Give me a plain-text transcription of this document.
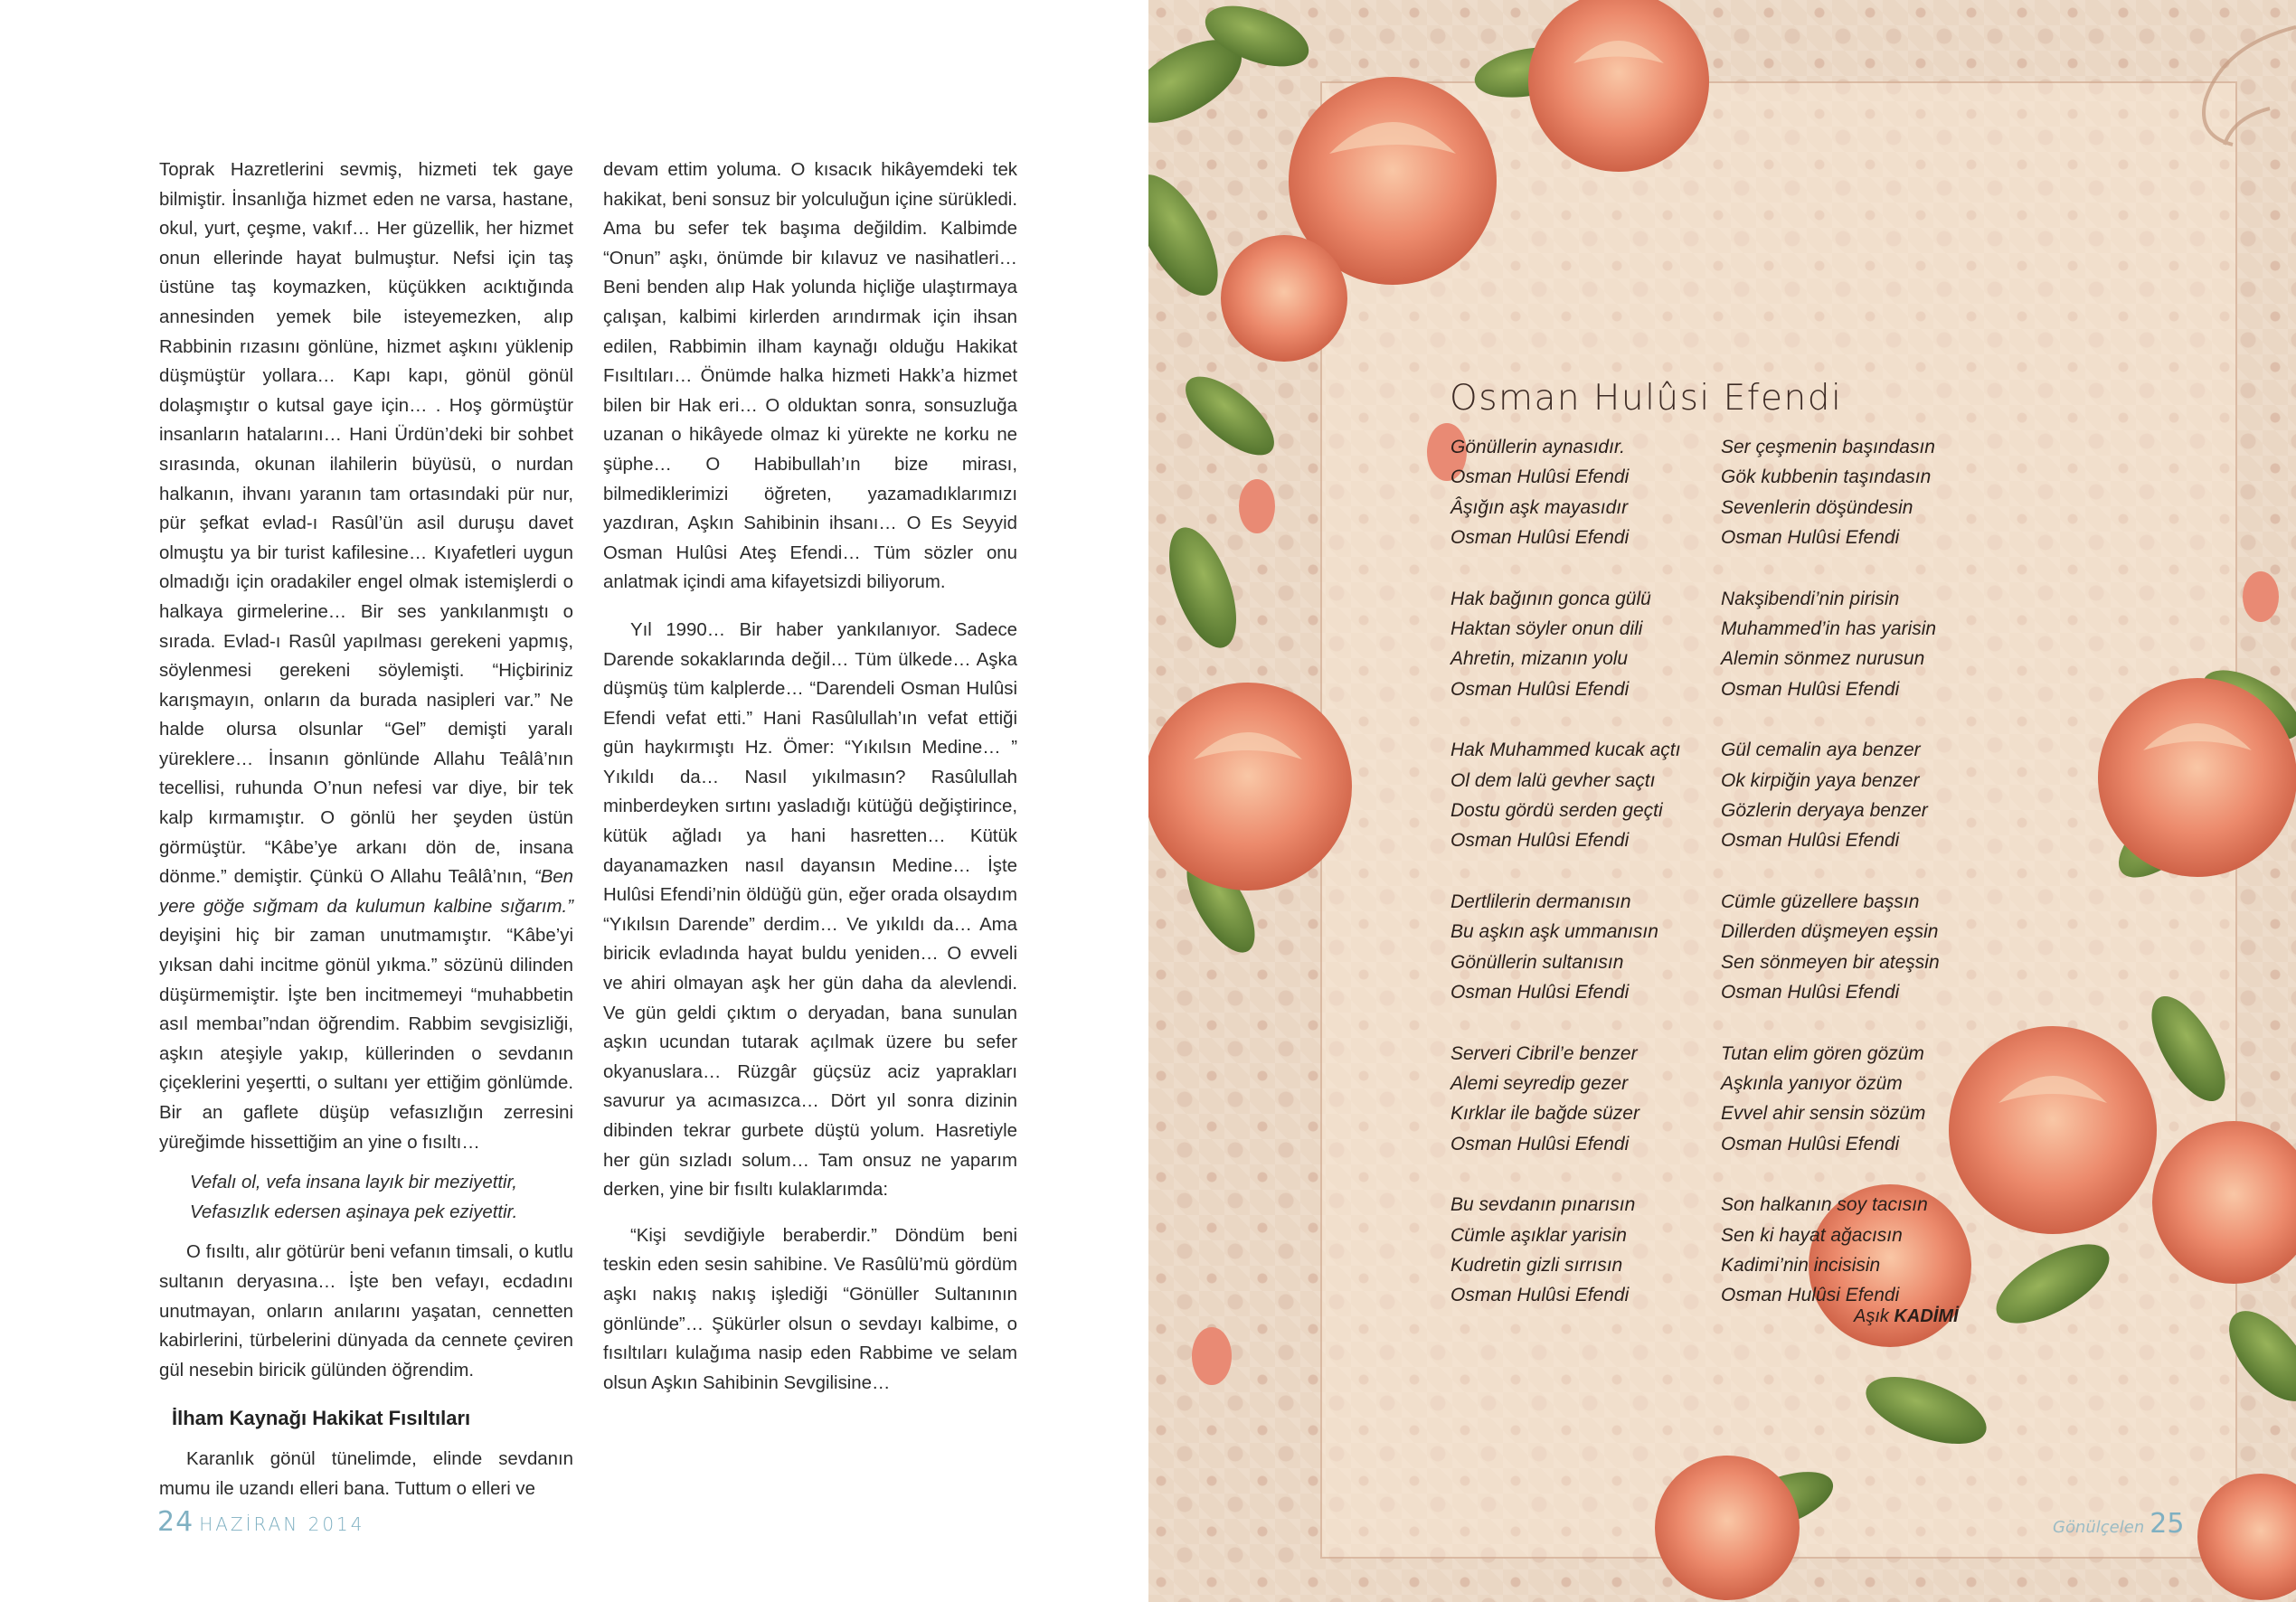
Toprak Hazretlerini sevmiş, hizmeti tek gaye bilmiştir. İnsanlığa hizmet eden ne varsa, hastane, okul, yurt, çeşme, vakıf… Her güzellik, her hizmet onun ellerinde hayat bulmuştur. Nefsi için taş üstüne taş koymazken, küçükken acıktığında annesinden yemek bile isteyemezken, alıp Rabbinin rızasını gönlüne, hizmet aşkını yüklenip düşmüştür yollara… Kapı kapı, gönül gönül dolaşmıştır o kutsal gaye için… . Hoş görmüştür insanların hatalarını… Hani Ürdün’deki bir sohbet sırasında, okunan ilahilerin büyüsü, o nurdan halkanın, ihvanı yaranın tam ortasındaki pür nur, pür şefkat evlad-ı Rasûl’ün asil duruşu davet olmuştu ya bir turist kafilesine… Kıyafetleri uygun olmadığı için oradakiler engel olmak istemişlerdi o halkaya girmelerine… Bir ses yankılanmıştı o sırada. Evlad-ı Rasûl yapılması gerekeni yapmış, söylenmesi gerekeni söylemişti. “Hiçbiriniz karışmayın, onların da burada nasipleri var.” Ne halde olursa olsunlar “Gel” demişti yaralı yüreklere… İnsanın gönlünde Allahu Teâlâ’nın tecellisi, ruhunda O’nun nefesi var diye, bir tek kalp kırmamıştır. O gönlü her şeyden üstün görmüştür. “Kâbe’ye arkanı dön de, insana dönme.” demiştir. Çünkü O Allahu Teâlâ’nın, “Ben yere göğe sığmam da kulumun kalbine sığarım.” deyişini hiç bir zaman unutmamıştır. “Kâbe’yi yıksan dahi incitme gönül yıkma.” sözünü dilinden düşürmemiştir. İşte ben incitmemeyi “muhabbetin asıl membaı”ndan öğrendim. Rabbim sevgisizliği, aşkın ateşiyle yakıp, küllerinden o sevdanın çiçeklerini yeşertti, o sultanı yer ettiğim gönlümde. Bir an gaflete düşüp vefasızlığın zerresini yüreğimde hissettiğim an yine o fısıltı…

Vefalı ol, vefa insana layık bir meziyettir,
Vefasızlık edersen aşinaya pek eziyettir.

O fısıltı, alır götürür beni vefanın timsali, o kutlu sultanın deryasına… İşte ben vefayı, ecdadını unutmayan, onların anılarını yaşatan, cennetten kabirlerini, türbelerini dünyada da cennete çeviren gül nesebin biricik gülünden öğrendim.

İlham Kaynağı Hakikat Fısıltıları

Karanlık gönül tünelimde, elinde sevdanın mumu ile uzandı elleri bana. Tuttum o elleri ve

devam ettim yoluma. O kısacık hikâyemdeki tek hakikat, beni sonsuz bir yolculuğun içine sürükledi. Ama bu sefer tek başıma değildim. Kalbimde “Onun” aşkı, önümde bir kılavuz ve nasihatleri… Beni benden alıp Hak yolunda hiçliğe ulaştırmaya çalışan, kalbimi kirlerden arındırmak için ihsan edilen, Rabbimin ilham kaynağı olduğu Hakikat Fısıltıları… Önümde halka hizmeti Hakk’a hizmet bilen bir Hak eri… O olduktan sonra, sonsuzluğa uzanan o hikâyede olmaz ki yürekte ne korku ne şüphe… O Habibullah’ın bize mirası, bilmediklerimizi öğreten, yazamadıklarımızı yazdıran, Aşkın Sahibinin ihsanı… O Es Seyyid Osman Hulûsi Ateş Efendi… Tüm sözler onu anlatmak içindi ama kifayetsizdi biliyorum.

Yıl 1990… Bir haber yankılanıyor. Sadece Darende sokaklarında değil… Tüm ülkede… Aşka düşmüş tüm kalplerde… “Darendeli Osman Hulûsi Efendi vefat etti.” Hani Rasûlullah’ın vefat ettiği gün haykırmıştı Hz. Ömer: “Yıkılsın Medine… ” Yıkıldı da… Nasıl yıkılmasın? Rasûlullah minberdeyken sırtını yasladığı kütüğü değiştirince, kütük ağladı ya hani hasretten… Kütük dayanamazken nasıl dayansın Medine… İşte Hulûsi Efendi’nin öldüğü gün, eğer orada olsaydım “Yıkılsın Darende” derdim… Ve yıkıldı da… Ama biricik evladında hayat buldu yeniden… O evveli ve ahiri olmayan aşk her gün daha da alevlendi. Ve gün geldi çıktım o deryadan, bana sunulan aşkın ucundan tutarak açılmak üzere bu sefer okyanuslara… Rüzgâr güçsüz aciz yaprakları savurur ya acımasızca… Dört yıl sonra dizinin dibinden tekrar gurbete düştü yolum. Hasretiyle her gün sızladı solum… Tam onsuz ne yaparım derken, yine bir fısıltı kulaklarımda:

“Kişi sevdiğiyle beraberdir.” Döndüm beni teskin eden sesin sahibine. Ve Rasûlü’mü gördüm aşkı nakış nakış işlediği “Gönüller Sultanının gönlünde”… Şükürler olsun o sevdayı kalbime, o fısıltıları kulağıma nasip eden Rabbime ve selam olsun Aşkın Sahibinin Sevgilisine…

24 HAZİRAN 2014
Osman Hulûsi Efendi
Gönüllerin aynasıdır.
Osman Hulûsi Efendi
Âşığın aşk mayasıdır
Osman Hulûsi Efendi
Hak bağının gonca gülü
Haktan söyler onun dili
Ahretin, mizanın yolu
Osman Hulûsi Efendi
Hak Muhammed kucak açtı
Ol dem lalü gevher saçtı
Dostu gördü serden geçti
Osman Hulûsi Efendi
Dertlilerin dermanısın
Bu aşkın aşk ummanısın
Gönüllerin sultanısın
Osman Hulûsi Efendi
Serveri Cibril’e benzer
Alemi seyredip gezer
Kırklar ile bağde süzer
Osman Hulûsi Efendi
Bu sevdanın pınarısın
Cümle aşıklar yarisin
Kudretin gizli sırrısın
Osman Hulûsi Efendi
Ser çeşmenin başındasın
Gök kubbenin taşındasın
Sevenlerin döşündesin
Osman Hulûsi Efendi
Nakşibendi’nin pirisin
Muhammed’in has yarisin
Alemin sönmez nurusun
Osman Hulûsi Efendi
Gül cemalin aya benzer
Ok kirpiğin yaya benzer
Gözlerin deryaya benzer
Osman Hulûsi Efendi
Cümle güzellere başsın
Dillerden düşmeyen eşsin
Sen sönmeyen bir ateşsin
Osman Hulûsi Efendi
Tutan elim gören gözüm
Aşkınla yanıyor özüm
Evvel ahir sensin sözüm
Osman Hulûsi Efendi
Son halkanın soy tacısın
Sen ki hayat ağacısın
Kadimi’nin incisisin
Osman Hulûsi Efendi
Aşık KADİMİ
Gönülçelen 25
